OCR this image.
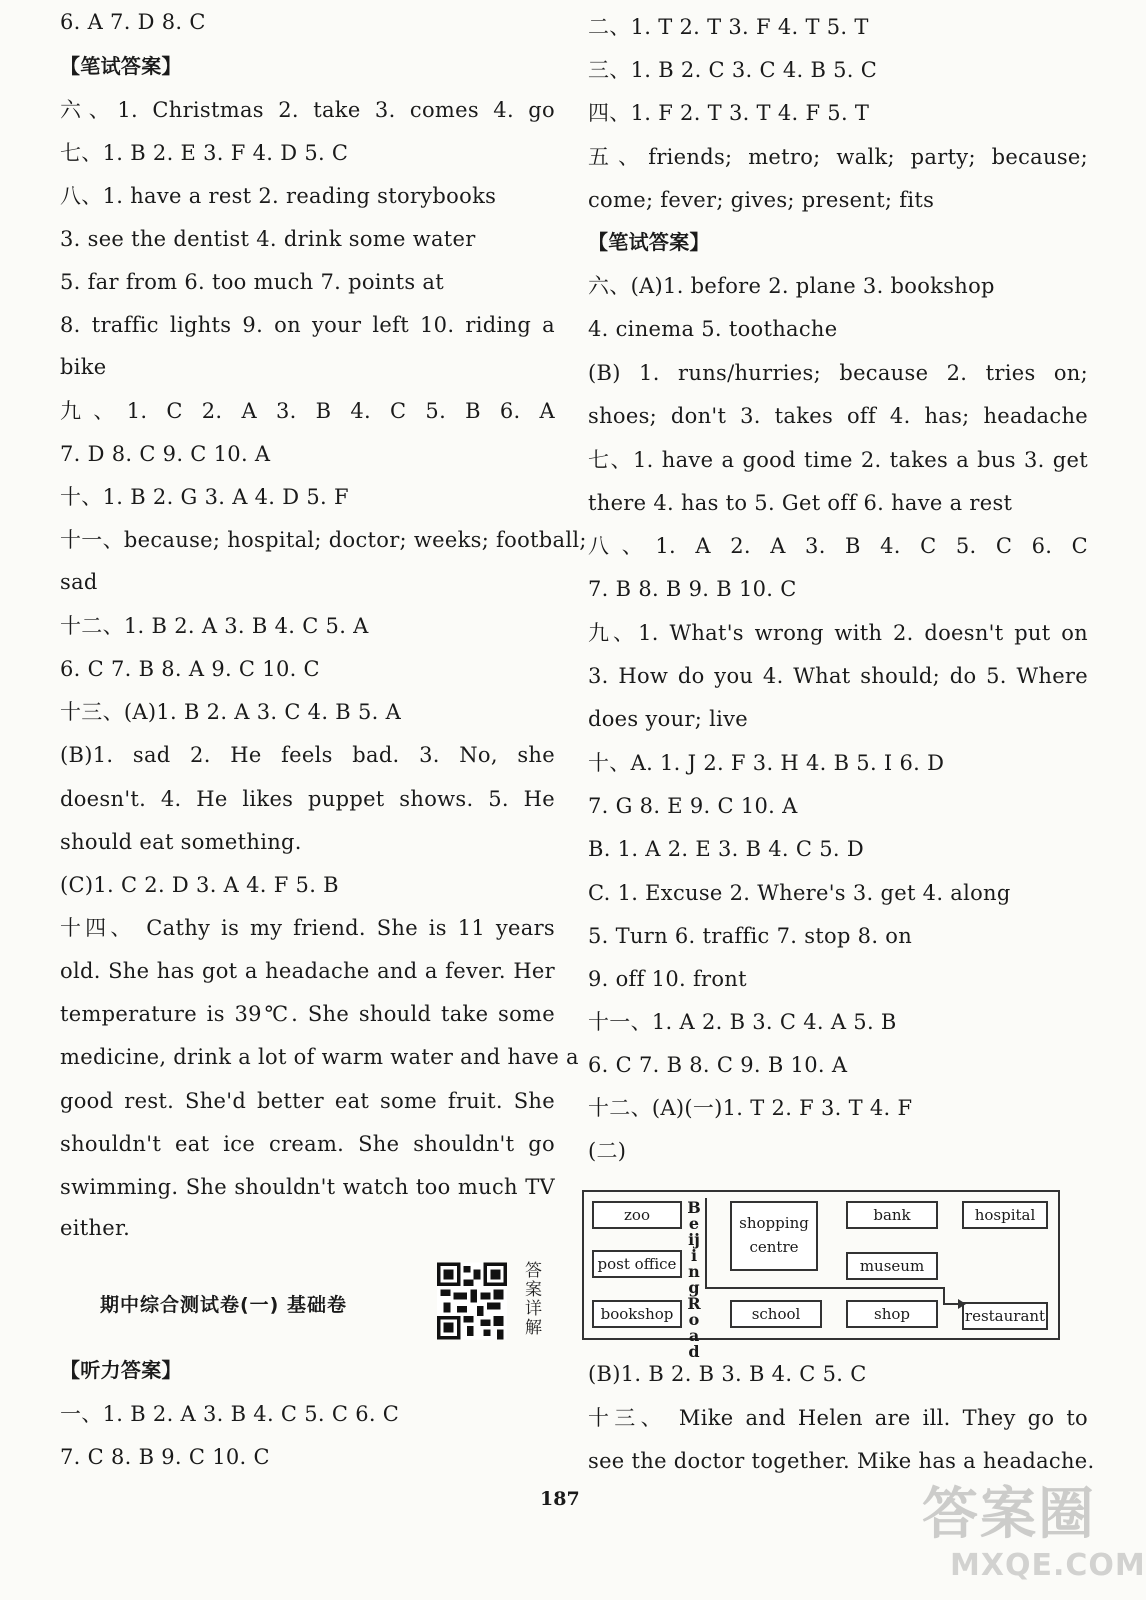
6. A 7. D 8. C
【笔试答案】
六、1. Christmas 2. take 3. comes 4. go
七、1. B 2. E 3. F 4. D 5. C
八、1. have a rest 2. reading storybooks
3. see the dentist 4. drink some water
5. far from 6. too much 7. points at
8. traffic lights 9. on your left 10. riding a
bike
九、1. C 2. A 3. B 4. C 5. B 6. A
7. D 8. C 9. C 10. A
十、1. B 2. G 3. A 4. D 5. F
十一、because; hospital; doctor; weeks; football;
sad
十二、1. B 2. A 3. B 4. C 5. A
6. C 7. B 8. A 9. C 10. C
十三、(A)1. B 2. A 3. C 4. B 5. A
(B)1. sad 2. He feels bad. 3. No, she
doesn't. 4. He likes puppet shows. 5. He
should eat something.
(C)1. C 2. D 3. A 4. F 5. B
十四、 Cathy is my friend. She is 11 years
old. She has got a headache and a fever. Her
temperature is 39℃. She should take some
medicine, drink a lot of warm water and have a
good rest. She'd better eat some fruit. She
shouldn't eat ice cream. She shouldn't go
swimming. She shouldn't watch too much TV
either.
期中综合测试卷(一) 基础卷
答案详解
【听力答案】
一、1. B 2. A 3. B 4. C 5. C 6. C
7. C 8. B 9. C 10. C
二、1. T 2. T 3. F 4. T 5. T
三、1. B 2. C 3. C 4. B 5. C
四、1. F 2. T 3. T 4. F 5. T
五、friends; metro; walk; party; because;
come; fever; gives; present; fits
【笔试答案】
六、(A)1. before 2. plane 3. bookshop
4. cinema 5. toothache
(B) 1. runs/hurries; because 2. tries on;
shoes; don't 3. takes off 4. has; headache
七、1. have a good time 2. takes a bus 3. get
there 4. has to 5. Get off 6. have a rest
八、1. A 2. A 3. B 4. C 5. C 6. C
7. B 8. B 9. B 10. C
九、1. What's wrong with 2. doesn't put on
3. How do you 4. What should; do 5. Where
does your; live
十、A. 1. J 2. F 3. H 4. B 5. I 6. D
7. G 8. E 9. C 10. A
B. 1. A 2. E 3. B 4. C 5. D
C. 1. Excuse 2. Where's 3. get 4. along
5. Turn 6. traffic 7. stop 8. on
9. off 10. front
十一、1. A 2. B 3. C 4. A 5. B
6. C 7. B 8. C 9. B 10. A
十二、(A)(一)1. T 2. F 3. T 4. F
(二)
(B)1. B 2. B 3. B 4. C 5. C
十三、 Mike and Helen are ill. They go to
see the doctor together. Mike has a headache.
zoo
post office
bookshop
Beijing Road
shopping centre
school
bank
museum
shop
hospital
restaurant
187	答案圈
MXQE.COM
